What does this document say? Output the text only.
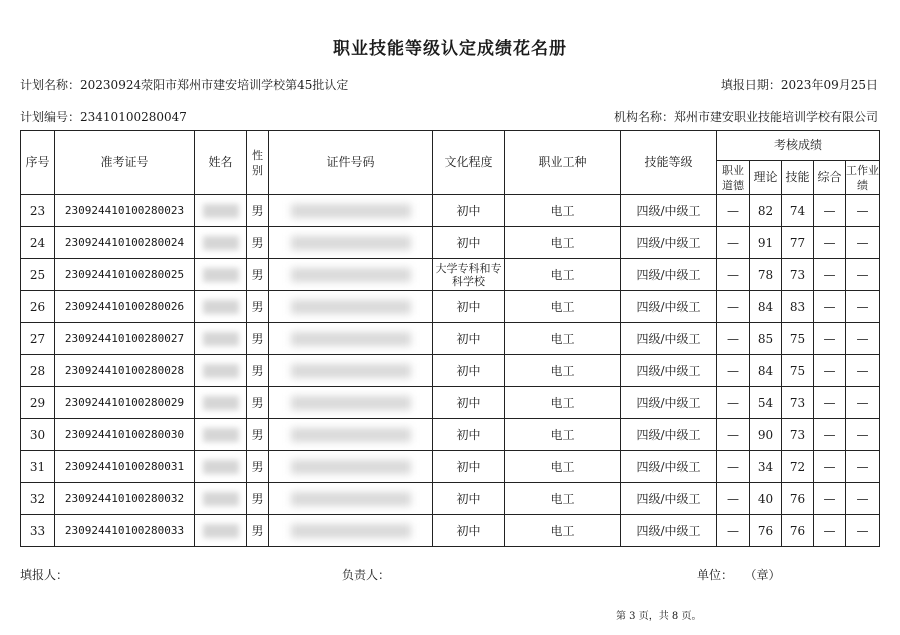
职业技能等级认定成绩花名册
计划名称：20230924荥阳市郑州市建安培训学校第45批认定	填报日期：2023年09月25日
计划编号：23410100280047	机构名称：郑州市建安职业技能培训学校有限公司
序号	准考证号	姓名	性别	证件号码	文化程度	职业工种	技能等级	考核成绩				
								职业道德	理论	技能	综合	工作业绩
23	230924410100280023		男		初中	电工	四级/中级工	—	82	74	—	—
24	230924410100280024		男		初中	电工	四级/中级工	—	91	77	—	—
25	230924410100280025		男		大学专科和专科学校	电工	四级/中级工	—	78	73	—	—
26	230924410100280026		男		初中	电工	四级/中级工	—	84	83	—	—
27	230924410100280027		男		初中	电工	四级/中级工	—	85	75	—	—
28	230924410100280028		男		初中	电工	四级/中级工	—	84	75	—	—
29	230924410100280029		男		初中	电工	四级/中级工	—	54	73	—	—
30	230924410100280030		男		初中	电工	四级/中级工	—	90	73	—	—
31	230924410100280031		男		初中	电工	四级/中级工	—	34	72	—	—
32	230924410100280032		男		初中	电工	四级/中级工	—	40	76	—	—
33	230924410100280033		男		初中	电工	四级/中级工	—	76	76	—	—
填报人：	负责人：	单位： （章）
第 3 页，共 8 页。
